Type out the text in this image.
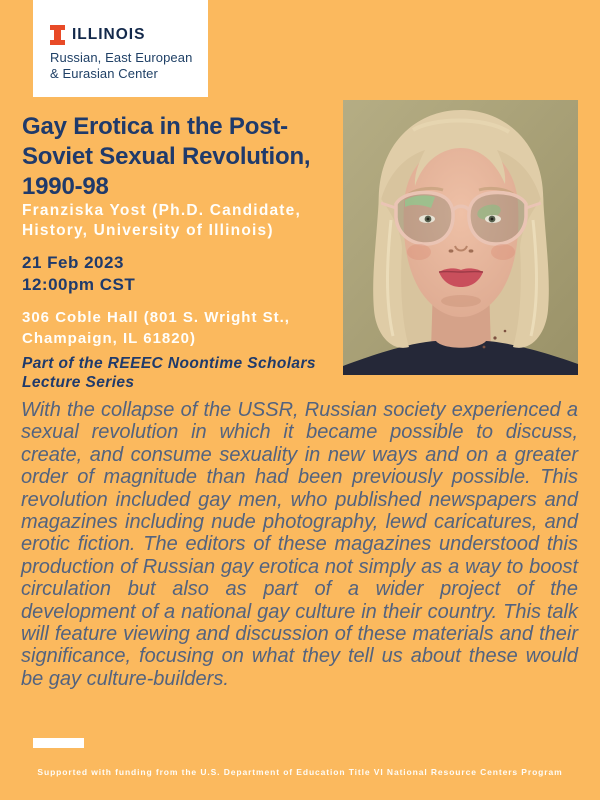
ILLINOIS
Russian, East European
& Eurasian Center
Gay Erotica in the Post-Soviet Sexual Revolution, 1990-98
Franziska Yost (Ph.D. Candidate, History, University of Illinois)
21 Feb 2023
12:00pm CST
306 Coble Hall (801 S. Wright St., Champaign, IL 61820)
Part of the REEEC Noontime Scholars Lecture Series
With the collapse of the USSR, Russian society experienced a sexual revolution in which it became possible to discuss, create, and consume sexuality in new ways and on a greater order of magnitude than had been previously possible. This revolution included gay men, who published newspapers and magazines including nude photography, lewd caricatures, and erotic fiction. The editors of these magazines understood this production of Russian gay erotica not simply as a way to boost circulation but also as part of a wider project of the development of a national gay culture in their country. This talk will feature viewing and discussion of these materials and their significance, focusing on what they tell us about these would be gay culture-builders.
Supported with funding from the U.S. Department of Education Title VI National Resource Centers Program
